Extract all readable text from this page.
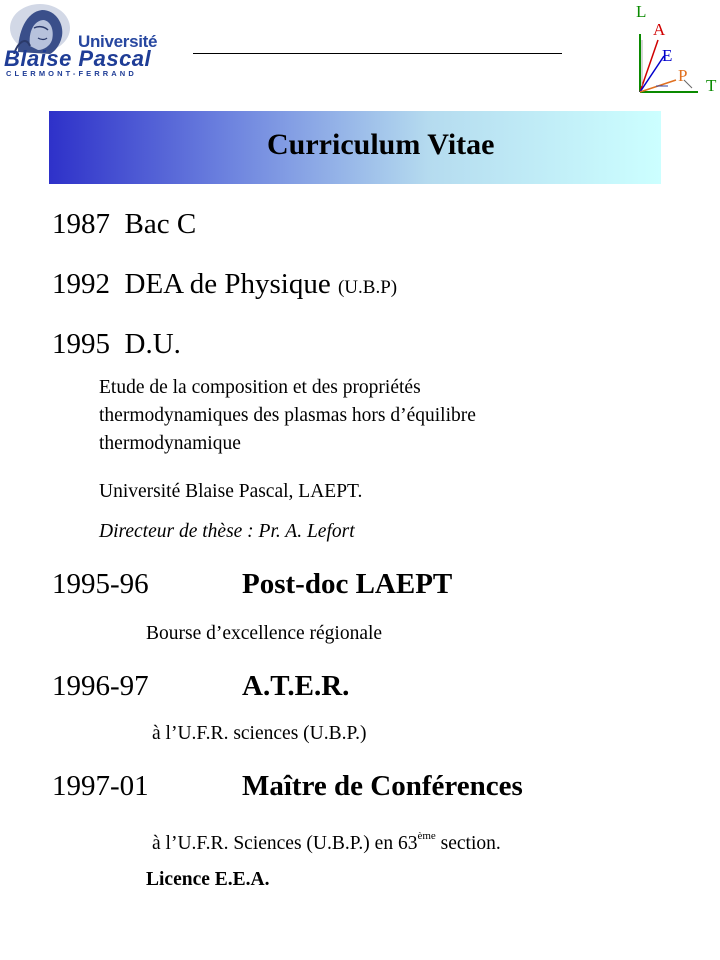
Université
Blaise Pascal
CLERMONT-FERRAND
L
A
E
P
T
Curriculum Vitae
1987 Bac C
1992 DEA de Physique (U.B.P)
1995 D.U.
Etude de la composition et des propriétés
thermodynamiques des plasmas hors d’équilibre
thermodynamique
Université Blaise Pascal, LAEPT.
Directeur de thèse : Pr. A. Lefort
1995-96	Post-doc LAEPT
Bourse d’excellence régionale
1996-97	A.T.E.R.
à l’U.F.R. sciences (U.B.P.)
1997-01	Maître de Conférences
à l’U.F.R. Sciences (U.B.P.) en 63ème section.
Licence E.E.A.
